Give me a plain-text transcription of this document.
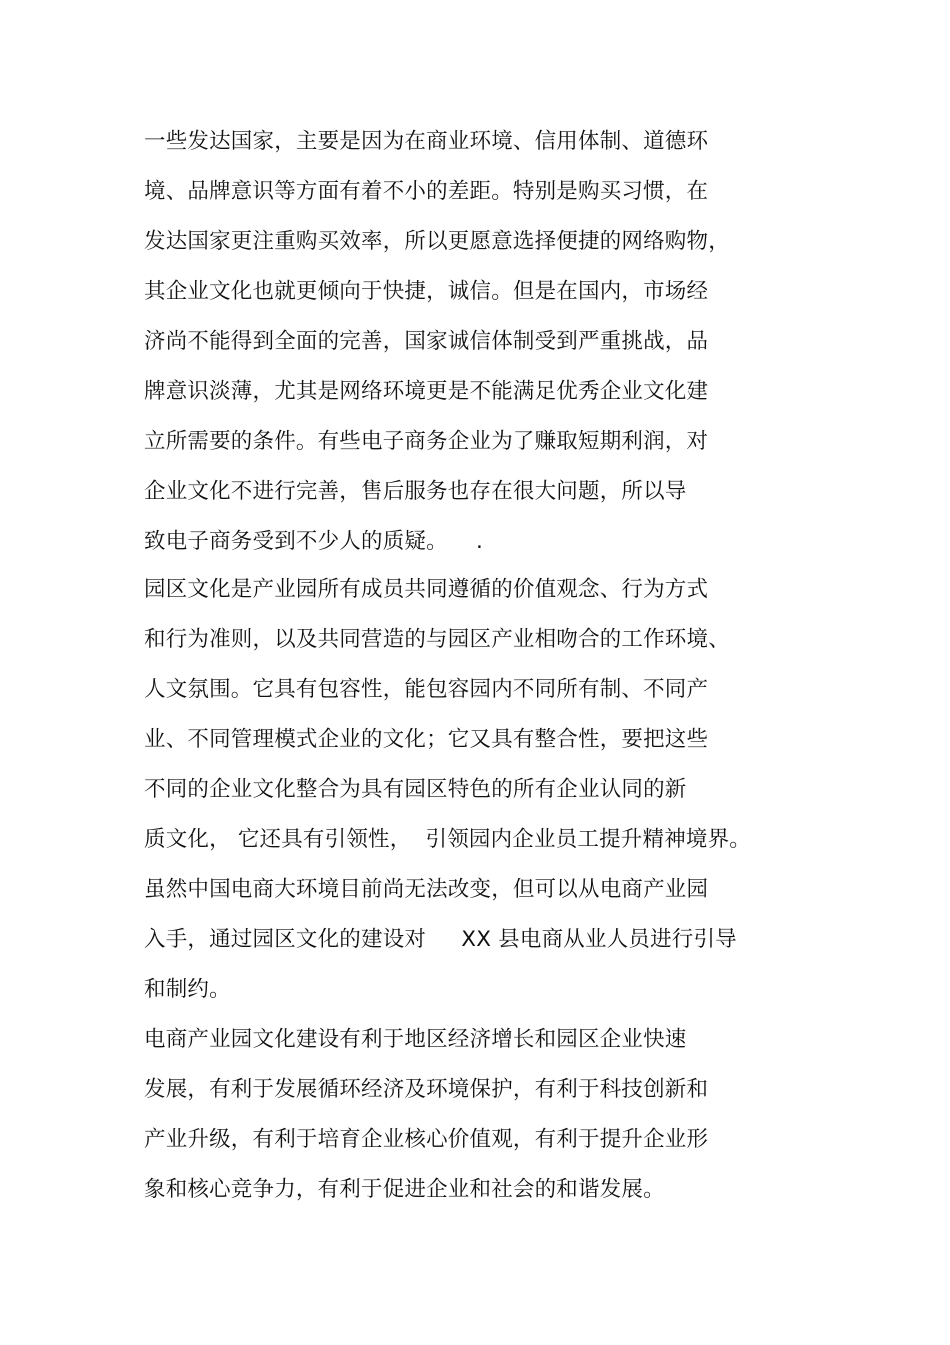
一些发达国家，主要是因为在商业环境、信用体制、道德环
境、品牌意识等方面有着不小的差距。特别是购买习惯，在
发达国家更注重购买效率，所以更愿意选择便捷的网络购物，
其企业文化也就更倾向于快捷，诚信。但是在国内，市场经
济尚不能得到全面的完善，国家诚信体制受到严重挑战，品
牌意识淡薄，尤其是网络环境更是不能满足优秀企业文化建
立所需要的条件。有些电子商务企业为了赚取短期利润，对
企业文化不进行完善，售后服务也存在很大问题，所以导
致电子商务受到不少人的质疑。    .
园区文化是产业园所有成员共同遵循的价值观念、行为方式
和行为准则，以及共同营造的与园区产业相吻合的工作环境、
人文氛围。它具有包容性，能包容园内不同所有制、不同产
业、不同管理模式企业的文化；它又具有整合性，要把这些
不同的企业文化整合为具有园区特色的所有企业认同的新
质文化， 它还具有引领性，  引领园内企业员工提升精神境界。
虽然中国电商大环境目前尚无法改变，但可以从电商产业园
入手，通过园区文化的建设对     XX 县电商从业人员进行引导
和制约。
电商产业园文化建设有利于地区经济增长和园区企业快速
发展，有利于发展循环经济及环境保护，有利于科技创新和
产业升级，有利于培育企业核心价值观，有利于提升企业形
象和核心竞争力，有利于促进企业和社会的和谐发展。
